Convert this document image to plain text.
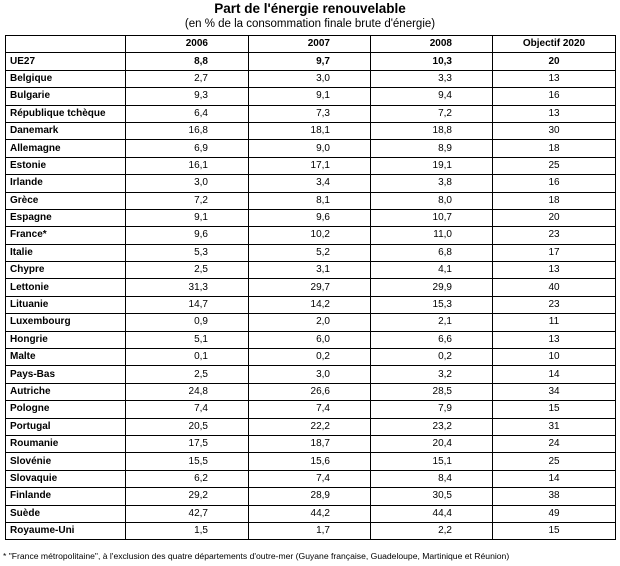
Part de l'énergie renouvelable
(en % de la consommation finale brute d'énergie)
	2006	2007	2008	Objectif 2020
UE27	8,8	9,7	10,3	20
Belgique	2,7	3,0	3,3	13
Bulgarie	9,3	9,1	9,4	16
République tchèque	6,4	7,3	7,2	13
Danemark	16,8	18,1	18,8	30
Allemagne	6,9	9,0	8,9	18
Estonie	16,1	17,1	19,1	25
Irlande	3,0	3,4	3,8	16
Grèce	7,2	8,1	8,0	18
Espagne	9,1	9,6	10,7	20
France*	9,6	10,2	11,0	23
Italie	5,3	5,2	6,8	17
Chypre	2,5	3,1	4,1	13
Lettonie	31,3	29,7	29,9	40
Lituanie	14,7	14,2	15,3	23
Luxembourg	0,9	2,0	2,1	11
Hongrie	5,1	6,0	6,6	13
Malte	0,1	0,2	0,2	10
Pays-Bas	2,5	3,0	3,2	14
Autriche	24,8	26,6	28,5	34
Pologne	7,4	7,4	7,9	15
Portugal	20,5	22,2	23,2	31
Roumanie	17,5	18,7	20,4	24
Slovénie	15,5	15,6	15,1	25
Slovaquie	6,2	7,4	8,4	14
Finlande	29,2	28,9	30,5	38
Suède	42,7	44,2	44,4	49
Royaume-Uni	1,5	1,7	2,2	15
* "France métropolitaine", à l'exclusion des quatre départements d'outre-mer (Guyane française, Guadeloupe, Martinique et Réunion)
